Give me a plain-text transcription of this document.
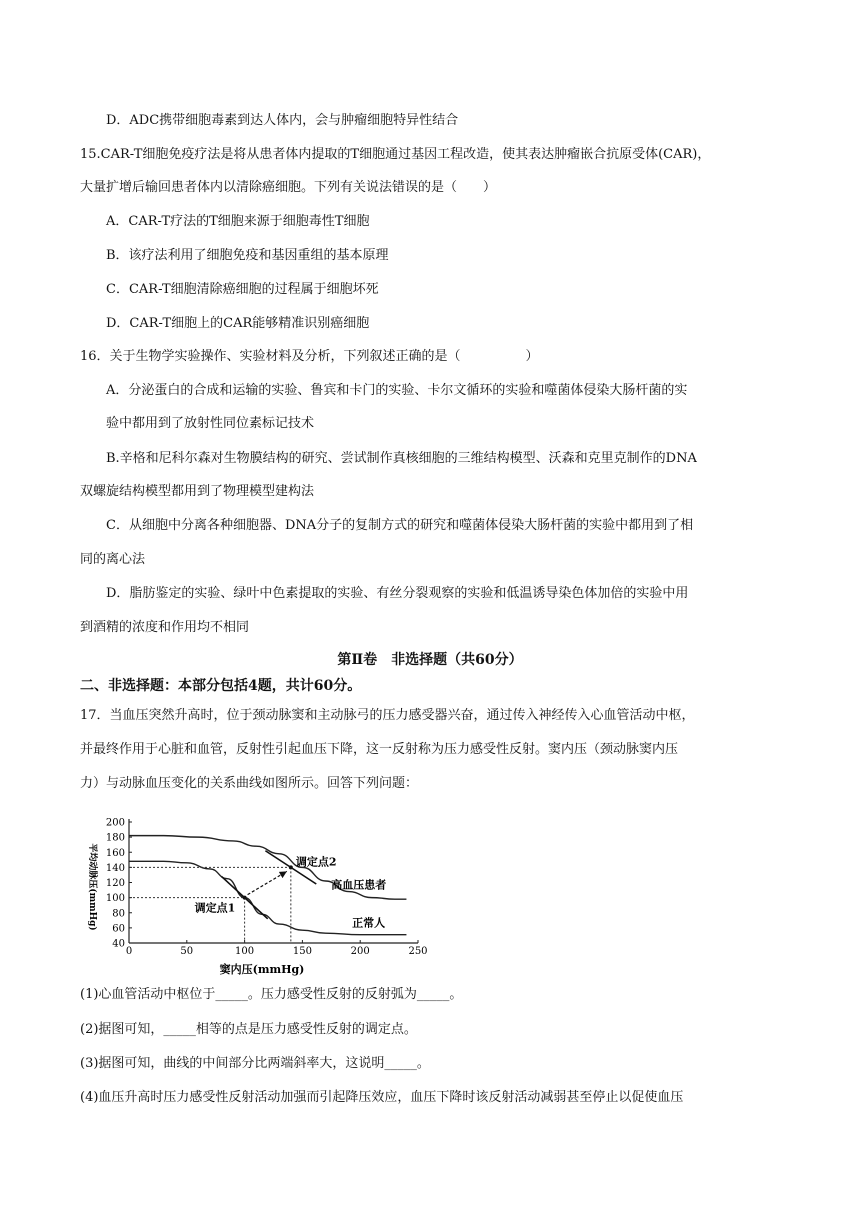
D．ADC携带细胞毒素到达人体内，会与肿瘤细胞特异性结合
15.CAR-T细胞免疫疗法是将从患者体内提取的T细胞通过基因工程改造，使其表达肿瘤嵌合抗原受体(CAR)，
大量扩增后输回患者体内以清除癌细胞。下列有关说法错误的是（　　）
A．CAR-T疗法的T细胞来源于细胞毒性T细胞
B．该疗法利用了细胞免疫和基因重组的基本原理
C．CAR-T细胞清除癌细胞的过程属于细胞坏死
D．CAR-T细胞上的CAR能够精准识别癌细胞
16．关于生物学实验操作、实验材料及分析，下列叙述正确的是（　　　　　）
A．分泌蛋白的合成和运输的实验、鲁宾和卡门的实验、卡尔文循环的实验和噬菌体侵染大肠杆菌的实
验中都用到了放射性同位素标记技术
B.辛格和尼科尔森对生物膜结构的研究、尝试制作真核细胞的三维结构模型、沃森和克里克制作的DNA
双螺旋结构模型都用到了物理模型建构法
C．从细胞中分离各种细胞器、DNA分子的复制方式的研究和噬菌体侵染大肠杆菌的实验中都用到了相
同的离心法
D．脂肪鉴定的实验、绿叶中色素提取的实验、有丝分裂观察的实验和低温诱导染色体加倍的实验中用
到酒精的浓度和作用均不相同
第Ⅱ卷　非选择题（共60分）
二、非选择题：本部分包括4题，共计60分。
17．当血压突然升高时，位于颈动脉窦和主动脉弓的压力感受器兴奋，通过传入神经传入心血管活动中枢，
并最终作用于心脏和血管，反射性引起血压下降，这一反射称为压力感受性反射。窦内压（颈动脉窦内压
力）与动脉血压变化的关系曲线如图所示。回答下列问题：
0	50	100	150	200	250
40
60
80
100
120
140
160
180
200
高血压患者
正常人
调定点1
调定点2
窦内压(mmHg)
平均动脉压(mmHg)
(1)心血管活动中枢位于_____。压力感受性反射的反射弧为_____。
(2)据图可知，_____相等的点是压力感受性反射的调定点。
(3)据图可知，曲线的中间部分比两端斜率大，这说明_____。
(4)血压升高时压力感受性反射活动加强而引起降压效应，血压下降时该反射活动减弱甚至停止以促使血压
